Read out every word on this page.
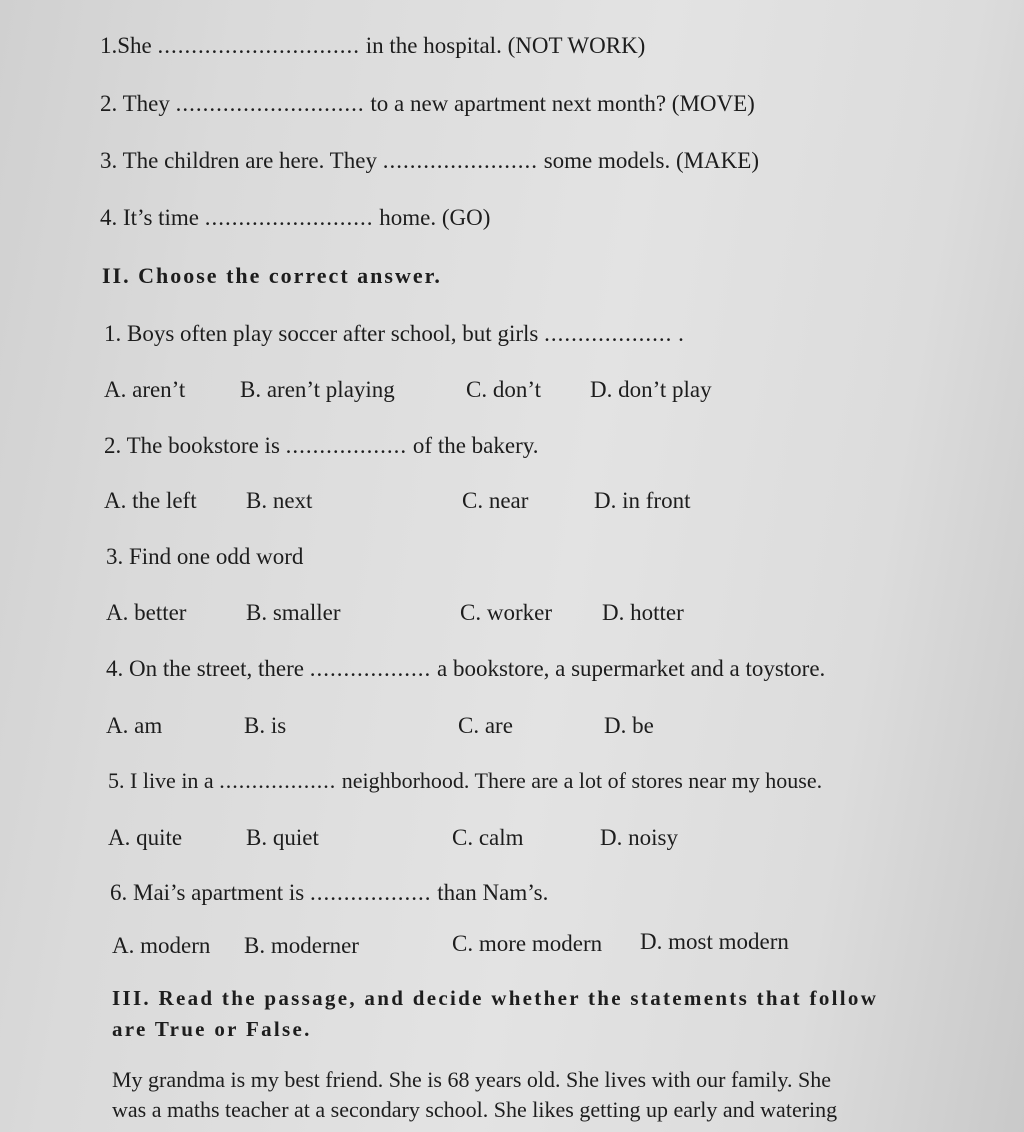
1.She .............................. in the hospital. (NOT WORK)
2. They ............................ to a new apartment next month? (MOVE)
3. The children are here. They ....................... some models. (MAKE)
4. It’s time ......................... home. (GO)
II. Choose the correct answer.
1. Boys often play soccer after school, but girls ................... .
A. aren’t B. aren’t playing	C. don’t D. don’t play
2. The bookstore is .................. of the bakery.
A. the left B. next	C. near	D. in front
3. Find one odd word
A. better	B. smaller	C. worker D. hotter
4. On the street, there .................. a bookstore, a supermarket and a toystore.
A. am	B. is	C. are	D. be
5. I live in a .................. neighborhood. There are a lot of stores near my house.
A. quite	B. quiet	C. calm	D. noisy
6. Mai’s apartment is .................. than Nam’s.
A. modern B. moderner	C. more modern D. most modern
III. Read the passage, and decide whether the statements that follow
are True or False.
My grandma is my best friend. She is 68 years old. She lives with our family. She
was a maths teacher at a secondary school. She likes getting up early and watering
